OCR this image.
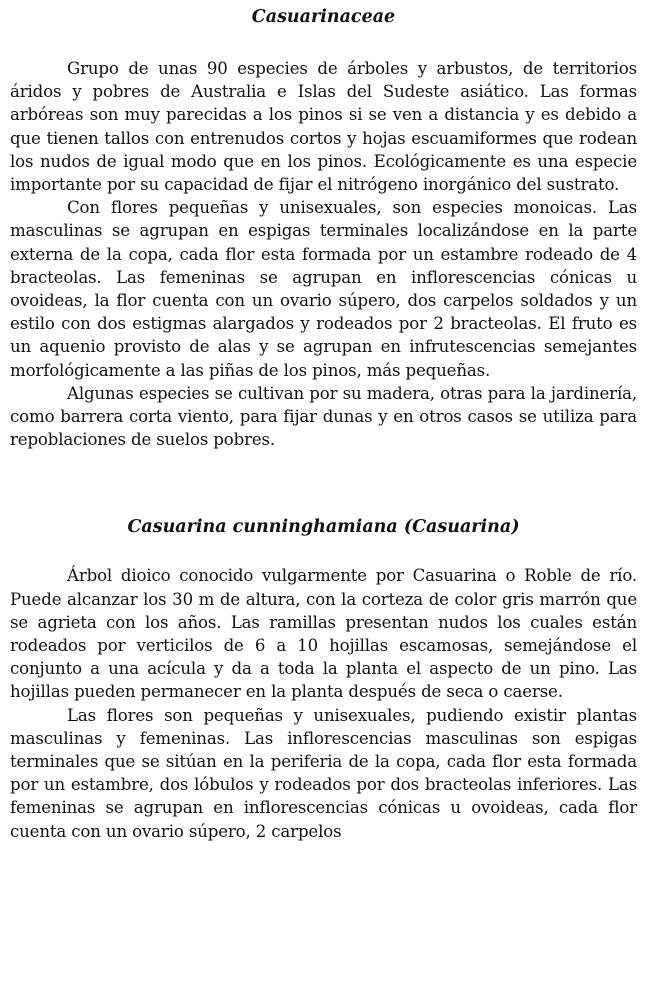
Casuarinaceae

Grupo de unas 90 especies de árboles y arbustos, de territorios áridos y pobres de Australia e Islas del Sudeste asiático. Las formas arbóreas son muy parecidas a los pinos si se ven a distancia y es debido a que tienen tallos con entrenudos cortos y hojas escuamiformes que rodean los nudos de igual modo que en los pinos. Ecológicamente es una especie importante por su capacidad de fijar el nitrógeno inorgánico del sustrato.

Con flores pequeñas y unisexuales, son especies monoicas. Las masculinas se agrupan en espigas terminales localizándose en la parte externa de la copa, cada flor esta formada por un estambre rodeado de 4 bracteolas. Las femeninas se agrupan en inflorescencias cónicas u ovoideas, la flor cuenta con un ovario súpero, dos carpelos soldados y un estilo con dos estigmas alargados y rodeados por 2 bracteolas. El fruto es un aquenio provisto de alas y se agrupan en infrutescencias semejantes morfológicamente a las piñas de los pinos, más pequeñas.

Algunas especies se cultivan por su madera, otras para la jardinería, como barrera corta viento, para fijar dunas y en otros casos se utiliza para repoblaciones de suelos pobres.

Casuarina cunninghamiana (Casuarina)

Árbol dioico conocido vulgarmente por Casuarina o Roble de río. Puede alcanzar los 30 m de altura, con la corteza de color gris marrón que se agrieta con los años. Las ramillas presentan nudos los cuales están rodeados por verticilos de 6 a 10 hojillas escamosas, semejándose el conjunto a una acícula y da a toda la planta el aspecto de un pino. Las hojillas pueden permanecer en la planta después de seca o caerse.

Las flores son pequeñas y unisexuales, pudiendo existir plantas masculinas y femeninas. Las inflorescencias masculinas son espigas terminales que se sitúan en la periferia de la copa, cada flor esta formada por un estambre, dos lóbulos y rodeados por dos bracteolas inferiores. Las femeninas se agrupan en inflorescencias cónicas u ovoideas, cada flor cuenta con un ovario súpero, 2 carpelos
